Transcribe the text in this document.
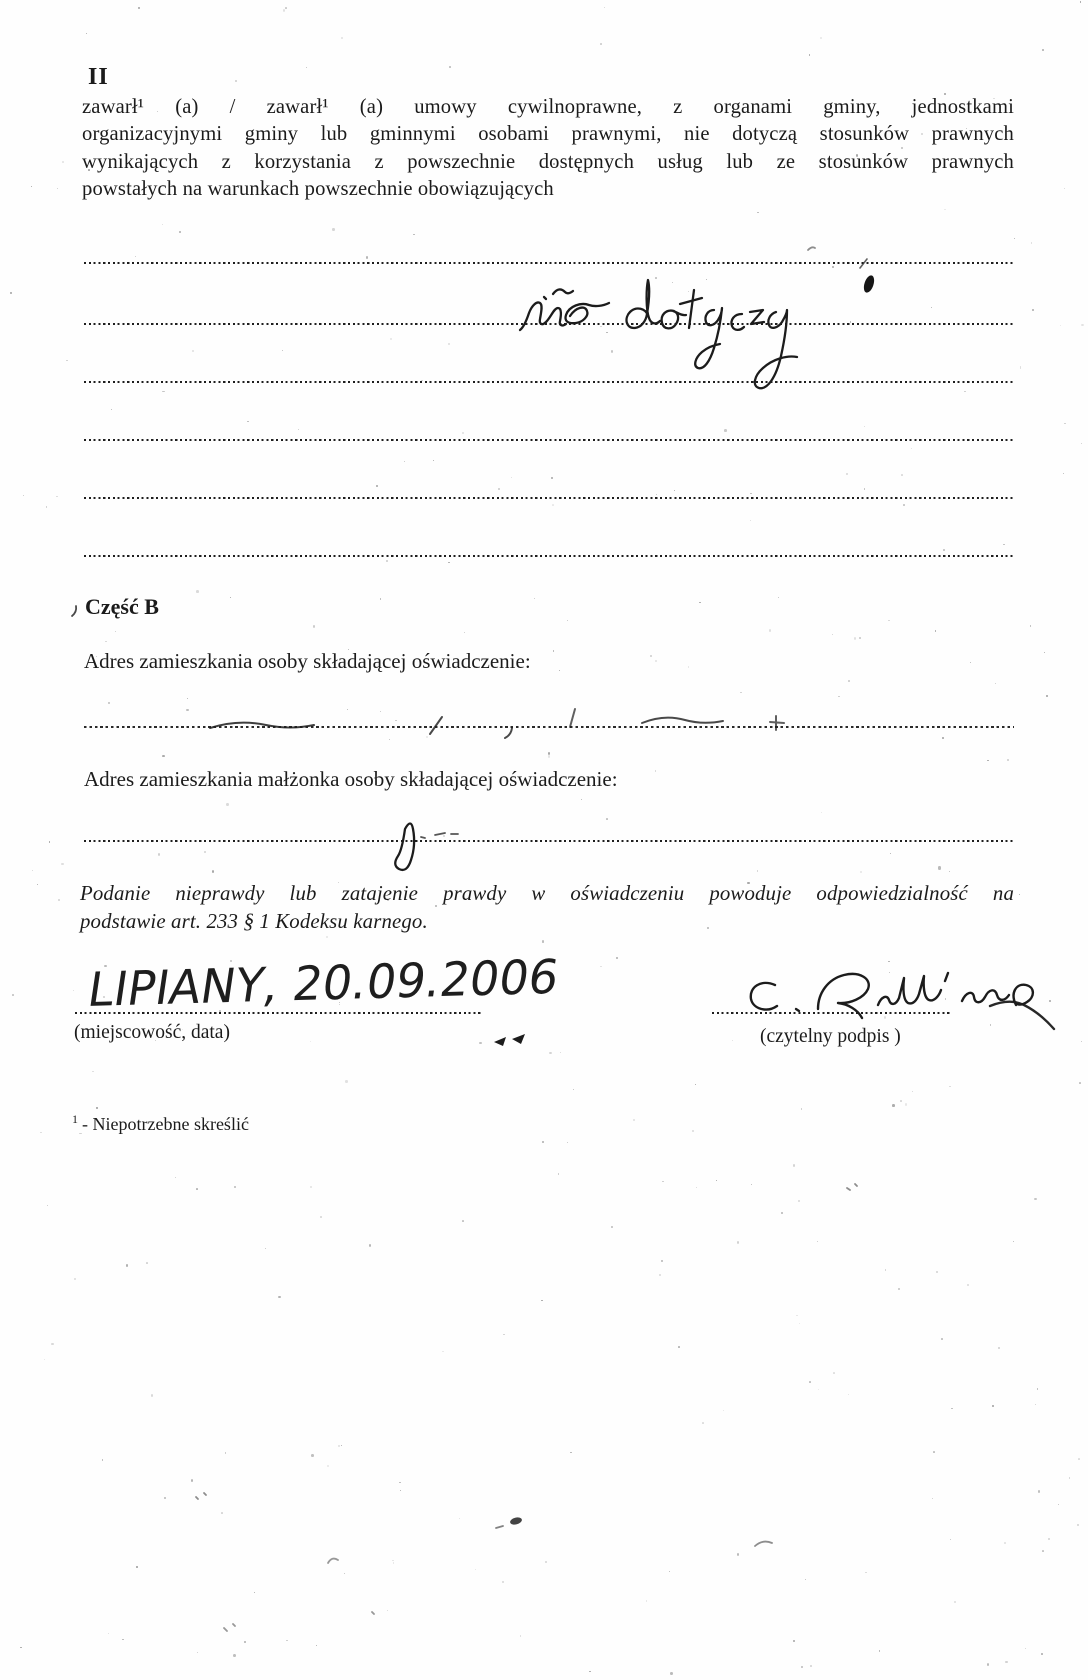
II
zawarł¹ (a) / zawarł¹ (a) umowy cywilnoprawne, z organami gminy, jednostkami
organizacyjnymi gminy lub gminnymi osobami prawnymi, nie dotyczą stosunków prawnych
wynikających z korzystania z powszechnie dostępnych usług lub ze stosunków prawnych
powstałych na warunkach powszechnie obowiązujących
Część B
Adres zamieszkania osoby składającej oświadczenie:
Adres zamieszkania małżonka osoby składającej oświadczenie:
Podanie nieprawdy lub zatajenie prawdy w oświadczeniu powoduje odpowiedzialność na
podstawie art. 233 § 1 Kodeksu karnego.
(miejscowość, data)	(czytelny podpis )
$^1$ - Niepotrzebne skreślić
LIPIANY, 20.09.2006
